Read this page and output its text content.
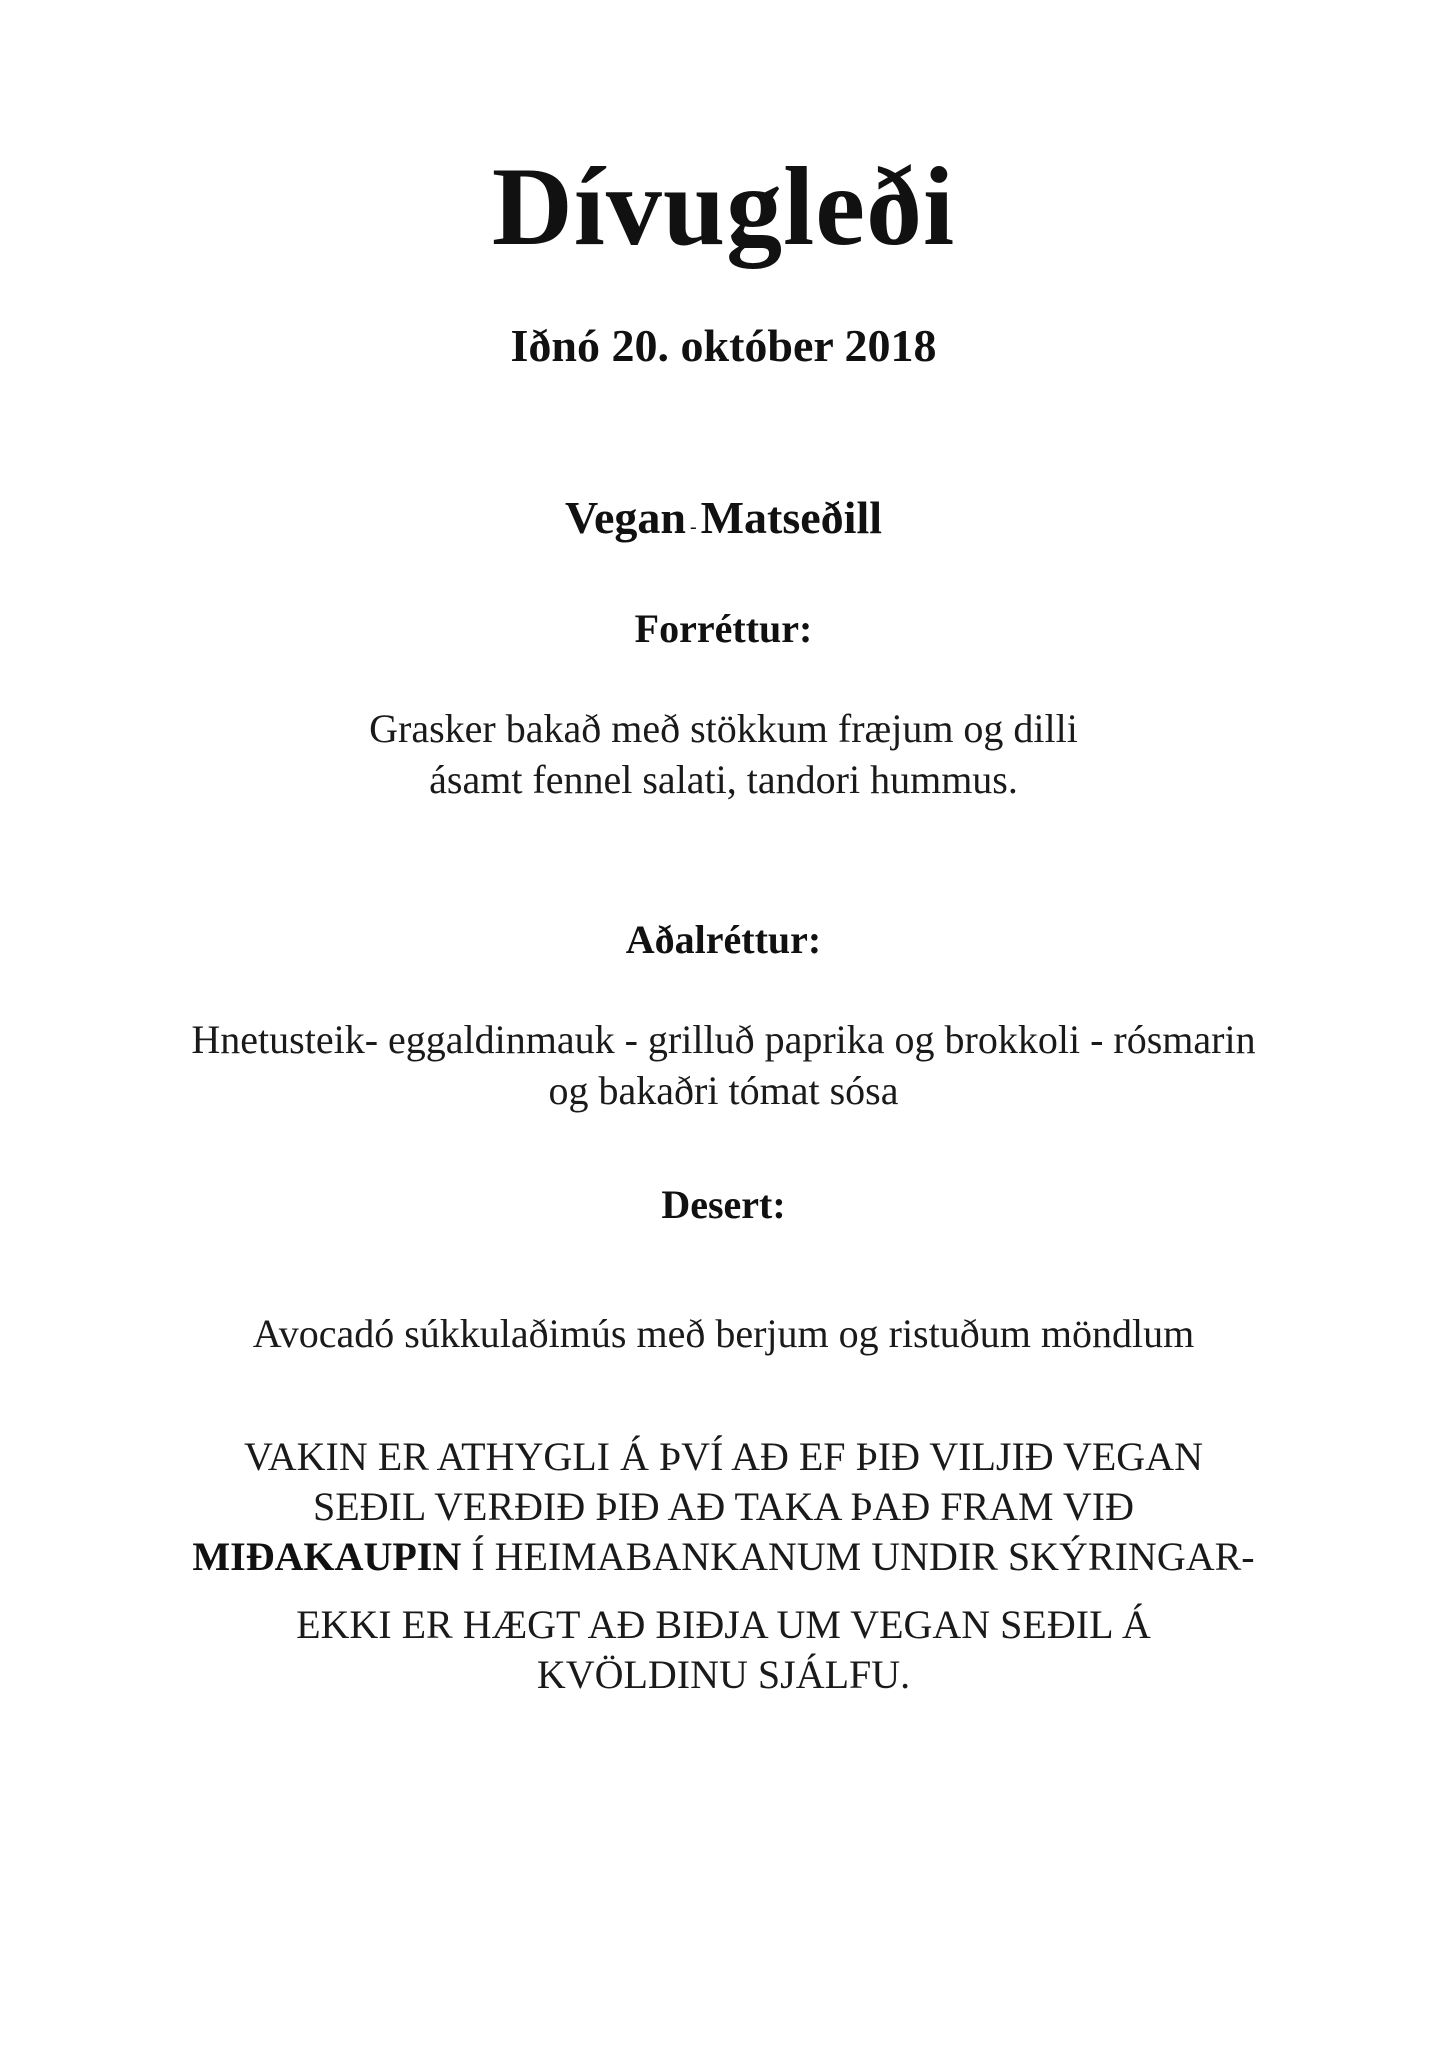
Dívugleði
Iðnó 20. október 2018
Vegan -Matseðill
Forréttur:
Grasker bakað með stökkum fræjum og dilli
ásamt fennel salati, tandori hummus.
Aðalréttur:
Hnetusteik- eggaldinmauk - grilluð paprika og brokkoli - rósmarin
og bakaðri tómat sósa
Desert:
Avocadó súkkulaðimús með berjum og ristuðum möndlum
VAKIN ER ATHYGLI Á ÞVÍ AÐ EF ÞIÐ VILJIÐ VEGAN
SEÐIL VERÐIÐ ÞIÐ AÐ TAKA ÞAÐ FRAM VIÐ
MIÐAKAUPIN Í HEIMABANKANUM UNDIR SKÝRINGAR-
EKKI ER HÆGT AÐ BIÐJA UM VEGAN SEÐIL Á
KVÖLDINU SJÁLFU.
